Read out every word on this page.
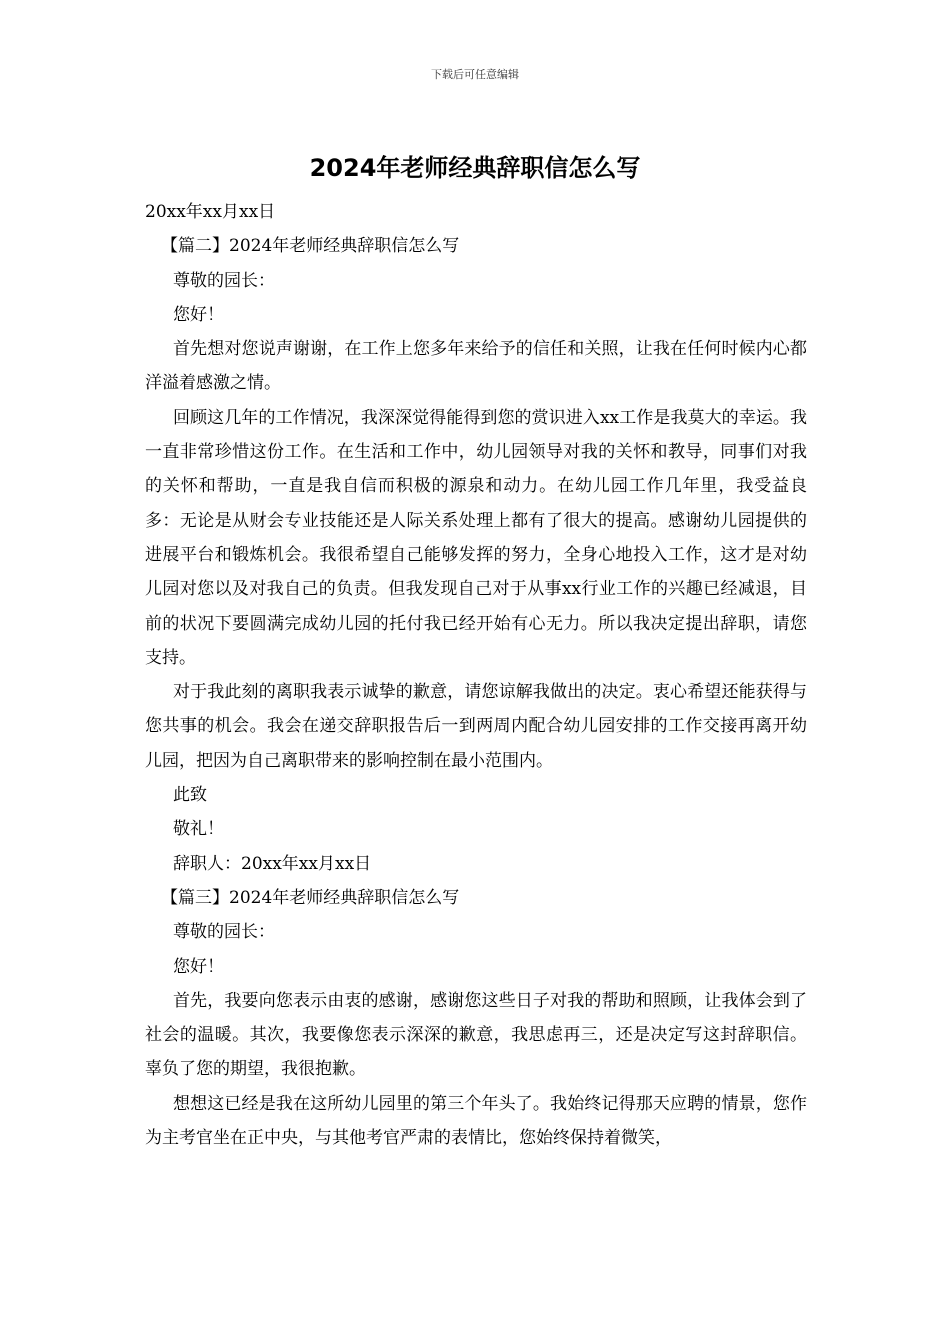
下载后可任意编辑
2024年老师经典辞职信怎么写

20xx年xx月xx日

【篇二】2024年老师经典辞职信怎么写

尊敬的园长：

您好！

首先想对您说声谢谢，在工作上您多年来给予的信任和关照，让我在任何时候内心都洋溢着感激之情。

回顾这几年的工作情况，我深深觉得能得到您的赏识进入xx工作是我莫大的幸运。我一直非常珍惜这份工作。在生活和工作中，幼儿园领导对我的关怀和教导，同事们对我的关怀和帮助，一直是我自信而积极的源泉和动力。在幼儿园工作几年里，我受益良多：无论是从财会专业技能还是人际关系处理上都有了很大的提高。感谢幼儿园提供的进展平台和锻炼机会。我很希望自己能够发挥的努力，全身心地投入工作，这才是对幼儿园对您以及对我自己的负责。但我发现自己对于从事xx行业工作的兴趣已经减退，目前的状况下要圆满完成幼儿园的托付我已经开始有心无力。所以我决定提出辞职，请您支持。

对于我此刻的离职我表示诚挚的歉意，请您谅解我做出的决定。衷心希望还能获得与您共事的机会。我会在递交辞职报告后一到两周内配合幼儿园安排的工作交接再离开幼儿园，把因为自己离职带来的影响控制在最小范围内。

此致

敬礼！

辞职人：20xx年xx月xx日

【篇三】2024年老师经典辞职信怎么写

尊敬的园长：

您好！

首先，我要向您表示由衷的感谢，感谢您这些日子对我的帮助和照顾，让我体会到了社会的温暖。其次，我要像您表示深深的歉意，我思虑再三，还是决定写这封辞职信。辜负了您的期望，我很抱歉。

想想这已经是我在这所幼儿园里的第三个年头了。我始终记得那天应聘的情景，您作为主考官坐在正中央，与其他考官严肃的表情比，您始终保持着微笑，
